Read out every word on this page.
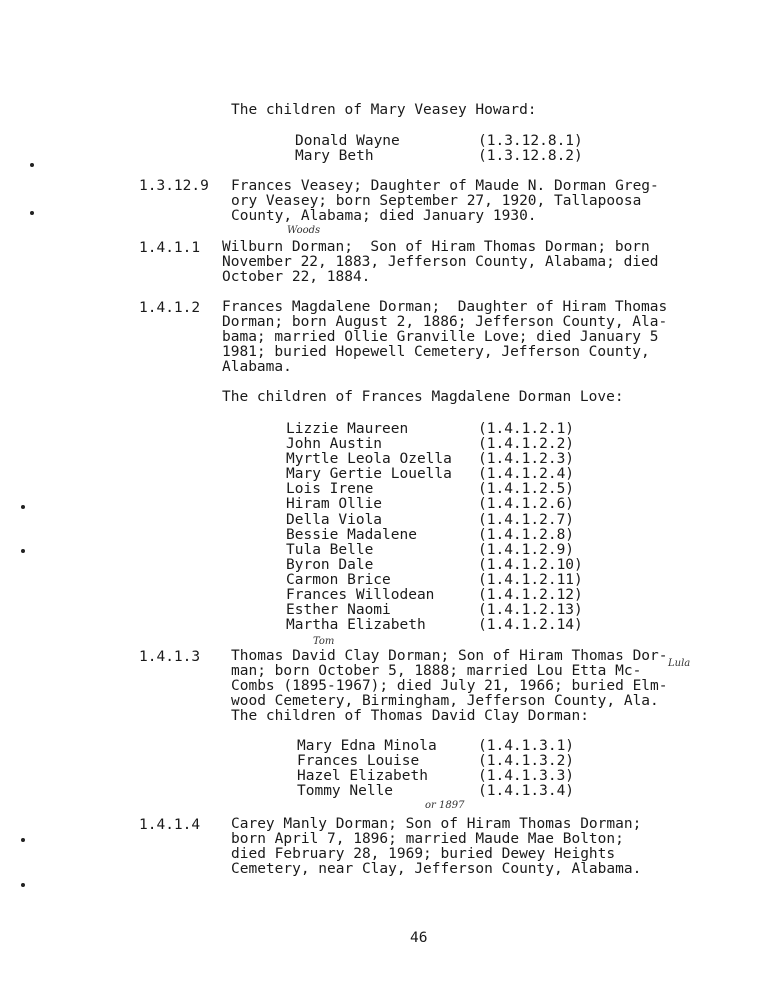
The children of Mary Veasey Howard:
Donald Wayne	(1.3.12.8.1)
Mary Beth	(1.3.12.8.2)
1.3.12.9 Frances Veasey; Daughter of Maude N. Dorman Greg-
ory Veasey; born September 27, 1920, Tallapoosa
County, Alabama; died January 1930.
Woods
1.4.1.1 Wilburn Dorman;  Son of Hiram Thomas Dorman; born
November 22, 1883, Jefferson County, Alabama; died
October 22, 1884.
1.4.1.2 Frances Magdalene Dorman;  Daughter of Hiram Thomas
Dorman; born August 2, 1886; Jefferson County, Ala-
bama; married Ollie Granville Love; died January 5
1981; buried Hopewell Cemetery, Jefferson County,
Alabama.
The children of Frances Magdalene Dorman Love:
Lizzie Maureen	(1.4.1.2.1)
John Austin	(1.4.1.2.2)
Myrtle Leola Ozella (1.4.1.2.3)
Mary Gertie Louella (1.4.1.2.4)
Lois Irene	(1.4.1.2.5)
Hiram Ollie	(1.4.1.2.6)
Della Viola	(1.4.1.2.7)
Bessie Madalene	(1.4.1.2.8)
Tula Belle	(1.4.1.2.9)
Byron Dale	(1.4.1.2.10)
Carmon Brice	(1.4.1.2.11)
Frances Willodean	(1.4.1.2.12)
Esther Naomi	(1.4.1.2.13)
Martha Elizabeth	(1.4.1.2.14)
Tom
1.4.1.3 Thomas David Clay Dorman; Son of Hiram Thomas Dor-
man; born October 5, 1888; married Lou Etta Mc-
Combs (1895-1967); died July 21, 1966; buried Elm-
wood Cemetery, Birmingham, Jefferson County, Ala.
The children of Thomas David Clay Dorman:
Lula
Mary Edna Minola	(1.4.1.3.1)
Frances Louise	(1.4.1.3.2)
Hazel Elizabeth	(1.4.1.3.3)
Tommy Nelle	(1.4.1.3.4)
or 1897
1.4.1.4 Carey Manly Dorman; Son of Hiram Thomas Dorman;
born April 7, 1896; married Maude Mae Bolton;
died February 28, 1969; buried Dewey Heights
Cemetery, near Clay, Jefferson County, Alabama.
46
